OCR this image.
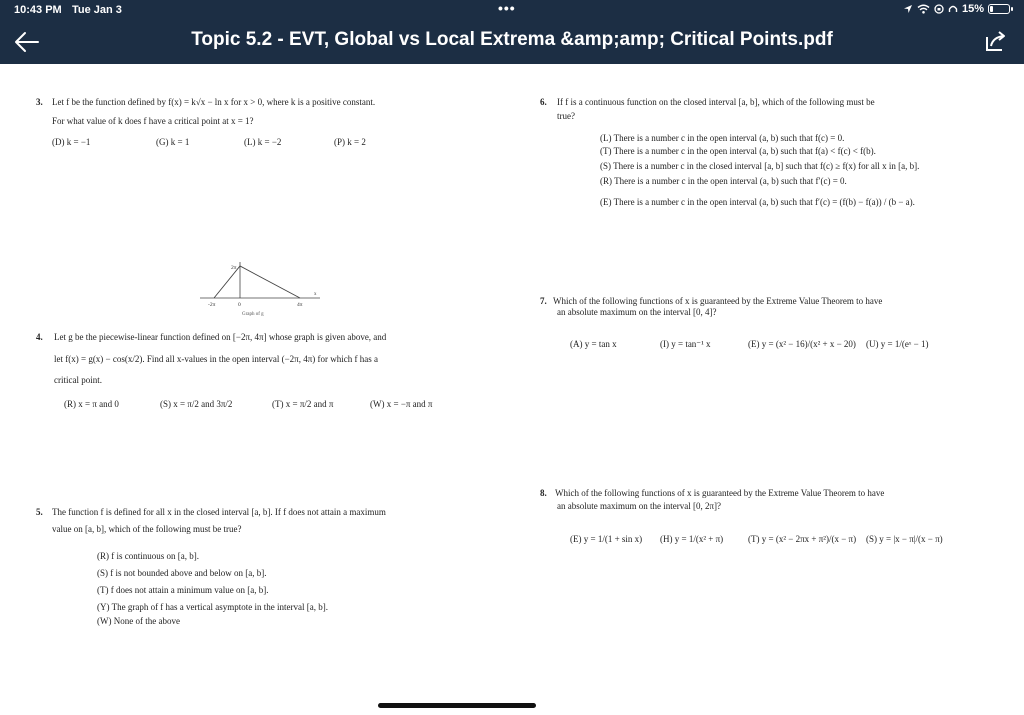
10:43 PM Tue Jan 3	•••	15%
Topic 5.2 - EVT, Global vs Local Extrema &amp;amp; Critical Points.pdf
3. Let f be the function defined by f(x) = k√x − ln x for x > 0, where k is a positive constant.
For what value of k does f have a critical point at x = 1?
(D) k = −1	(G) k = 1	(L) k = −2	(P) k = 2
2π
-2π	0	4π
x
Graph of g
4. Let g be the piecewise-linear function defined on [−2π, 4π] whose graph is given above, and
let f(x) = g(x) − cos(x/2). Find all x-values in the open interval (−2π, 4π) for which f has a
critical point.
(R) x = π and 0	(S) x = π/2 and 3π/2	(T) x = π/2 and π	(W) x = −π and π
5. The function f is defined for all x in the closed interval [a, b]. If f does not attain a maximum
value on [a, b], which of the following must be true?
(R) f is continuous on [a, b].
(S) f is not bounded above and below on [a, b].
(T) f does not attain a minimum value on [a, b].
(Y) The graph of f has a vertical asymptote in the interval [a, b].
(W) None of the above
6. If f is a continuous function on the closed interval [a, b], which of the following must be
true?
(L) There is a number c in the open interval (a, b) such that f(c) = 0.
(T) There is a number c in the open interval (a, b) such that f(a) < f(c) < f(b).
(S) There is a number c in the closed interval [a, b] such that f(c) ≥ f(x) for all x in [a, b].
(R) There is a number c in the open interval (a, b) such that f′(c) = 0.
(E) There is a number c in the open interval (a, b) such that f′(c) = (f(b) − f(a)) / (b − a).
7. Which of the following functions of x is guaranteed by the Extreme Value Theorem to have
an absolute maximum on the interval [0, 4]?
(A) y = tan x	(I) y = tan⁻¹ x	(E) y = (x² − 16)/(x² + x − 20) (U) y = 1/(eˣ − 1)
8. Which of the following functions of x is guaranteed by the Extreme Value Theorem to have
an absolute maximum on the interval [0, 2π]?
(E) y = 1/(1 + sin x) (H) y = 1/(x² + π)	(T) y = (x² − 2πx + π²)/(x − π) (S) y = |x − π|/(x − π)
